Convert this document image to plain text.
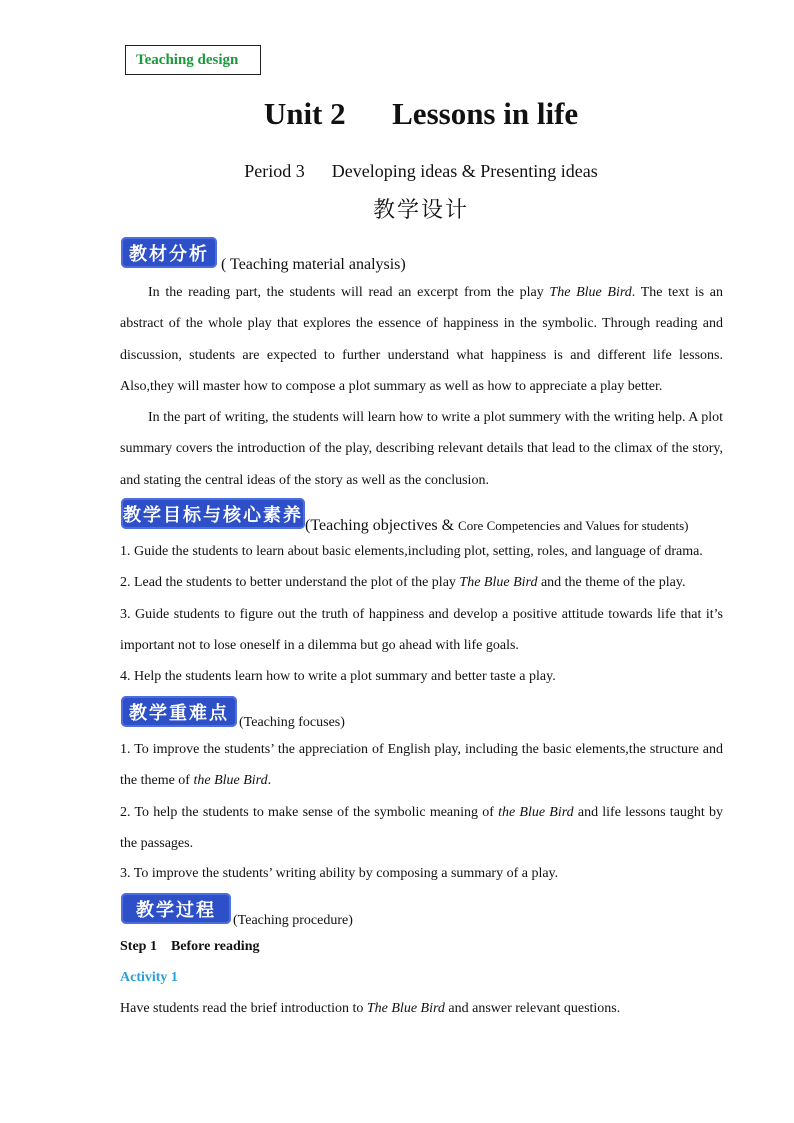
Teaching design
Unit 2      Lessons in life
Period 3      Developing ideas & Presenting ideas
教学设计
教材分析 ( Teaching material analysis)
In the reading part, the students will read an excerpt from the play The Blue Bird. The text is an abstract of the whole play that explores the essence of happiness in the symbolic. Through reading and discussion, students are expected to further understand what happiness is and different life lessons. Also,they will master how to compose a plot summary as well as how to appreciate a play better.
In the part of writing, the students will learn how to write a plot summery with the writing help. A plot summary covers the introduction of the play, describing relevant details that lead to the climax of the story, and stating the central ideas of the story as well as the conclusion.
教学目标与核心素养 (Teaching objectives & Core Competencies and Values for students)
1. Guide the students to learn about basic elements,including plot, setting, roles, and language of drama.
2. Lead the students to better understand the plot of the play The Blue Bird and the theme of the play.
3. Guide students to figure out the truth of happiness and develop a positive attitude towards life that it’s important not to lose oneself in a dilemma but go ahead with life goals.
4. Help the students learn how to write a plot summary and better taste a play.
教学重难点 (Teaching focuses)
1. To improve the students’ the appreciation of English play, including the basic elements,the structure and the theme of the Blue Bird.
2. To help the students to make sense of the symbolic meaning of the Blue Bird and life lessons taught by the passages.
3. To improve the students’ writing ability by composing a summary of a play.
教学过程	(Teaching procedure)
Step 1    Before reading
Activity 1
Have students read the brief introduction to The Blue Bird and answer relevant questions.
